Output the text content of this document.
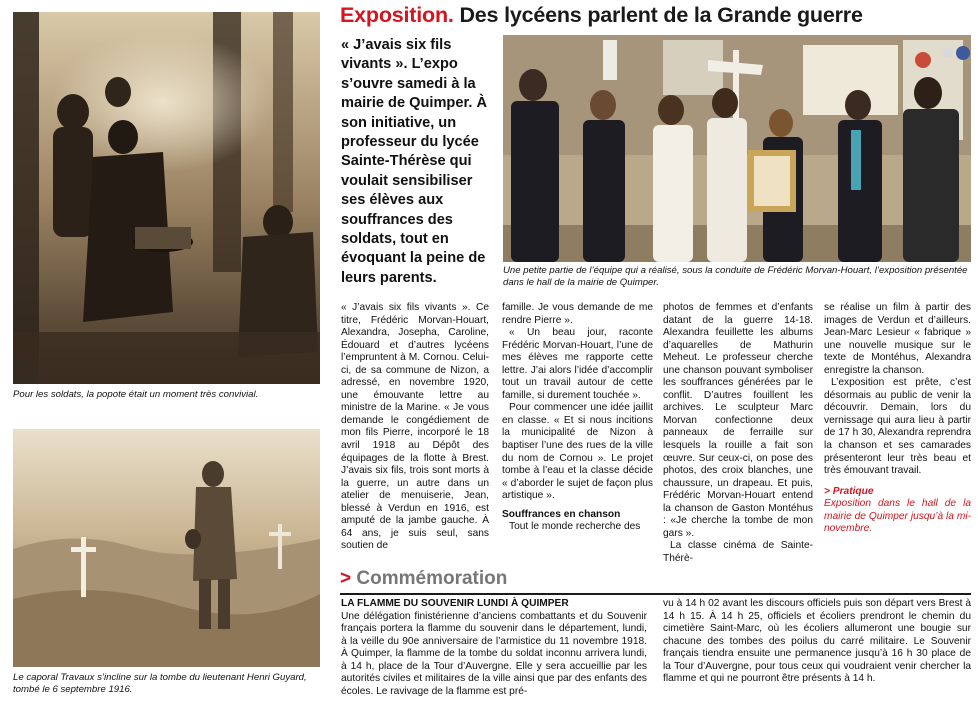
Exposition. Des lycéens parlent de la Grande guerre
Pour les soldats, la popote était un moment très convivial.
Le caporal Travaux s’incline sur la tombe du lieutenant Henri Guyard, tombé le 6 septembre 1916.
« J’avais six fils vivants ». L’expo s’ouvre samedi à la mairie de Quimper. À son initiative, un professeur du lycée Sainte-Thérèse qui voulait sensibiliser ses élèves aux souffrances des soldats, tout en évoquant la peine de leurs parents.	Une petite partie de l’équipe qui a réalisé, sous la conduite de Frédéric Morvan-Houart, l’exposition présentée dans le hall de la mairie de Quimper.

« J’avais six fils vivants ». Ce titre, Frédéric Morvan-Houart, Alexandra, Josepha, Caroline, Édouard et d’autres lycéens l’empruntent à M. Cornou. Celui-ci, de sa commune de Nizon, a adressé, en novembre 1920, une émouvante lettre au ministre de la Marine. « Je vous demande le congédiement de mon fils Pierre, incorporé le 18 avril 1918 au Dépôt des équipages de la flotte à Brest. J’avais six fils, trois sont morts à la guerre, un autre dans un atelier de menuiserie, Jean, blessé à Verdun en 1916, est amputé de la jambe gauche. À 64 ans, je suis seul, sans soutien de

famille. Je vous demande de me rendre Pierre ».

« Un beau jour, raconte Frédéric Morvan-Houart, l’une de mes élèves me rapporte cette lettre. J’ai alors l’idée d’accomplir tout un travail autour de cette famille, si durement touchée ».

Pour commencer une idée jaillit en classe. « Et si nous incitions la municipalité de Nizon à baptiser l’une des rues de la ville du nom de Cornou ». Le projet tombe à l’eau et la classe décide « d’aborder le sujet de façon plus artistique ».

Souffrances en chanson

Tout le monde recherche des

photos de femmes et d’enfants datant de la guerre 14-18. Alexandra feuillette les albums d’aquarelles de Mathurin Meheut. Le professeur cherche une chanson pouvant symboliser les souffrances générées par le conflit. D’autres fouillent les archives. Le sculpteur Marc Morvan confectionne deux panneaux de ferraille sur lesquels la rouille a fait son œuvre. Sur ceux-ci, on pose des photos, des croix blanches, une chaussure, un drapeau. Et puis, Frédéric Morvan-Houart entend la chanson de Gaston Montéhus : «Je cherche la tombe de mon gars ».

La classe cinéma de Sainte-Thérè-

se réalise un film à partir des images de Verdun et d’ailleurs. Jean-Marc Lesieur « fabrique » une nouvelle musique sur le texte de Montéhus, Alexandra enregistre la chanson.

L’exposition est prête, c’est désormais au public de venir la découvrir. Demain, lors du vernissage qui aura lieu à partir de 17 h 30, Alexandra reprendra la chanson et ses camarades présenteront leur très beau et très émouvant travail.

> Pratique
Exposition dans le hall de la mairie de Quimper jusqu’à la mi-novembre.

> Commémoration

LA FLAMME DU SOUVENIR LUNDI À QUIMPER

Une délégation finistérienne d’anciens combattants et du Souvenir français portera la flamme du souvenir dans le département, lundi, à la veille du 90e anniversaire de l’armistice du 11 novembre 1918. À Quimper, la flamme de la tombe du soldat inconnu arrivera lundi, à 14 h, place de la Tour d’Auvergne. Elle y sera accueillie par les autorités civiles et militaires de la ville ainsi que par des enfants des écoles. Le ravivage de la flamme est pré-

vu à 14 h 02 avant les discours officiels puis son départ vers Brest à 14 h 15. À 14 h 25, officiels et écoliers prendront le chemin du cimetière Saint-Marc, où les écoliers allumeront une bougie sur chacune des tombes des poilus du carré militaire. Le Souvenir français tiendra ensuite une permanence jusqu’à 16 h 30 place de la Tour d’Auvergne, pour tous ceux qui voudraient venir chercher la flamme et qui ne pourront être présents à 14 h.
